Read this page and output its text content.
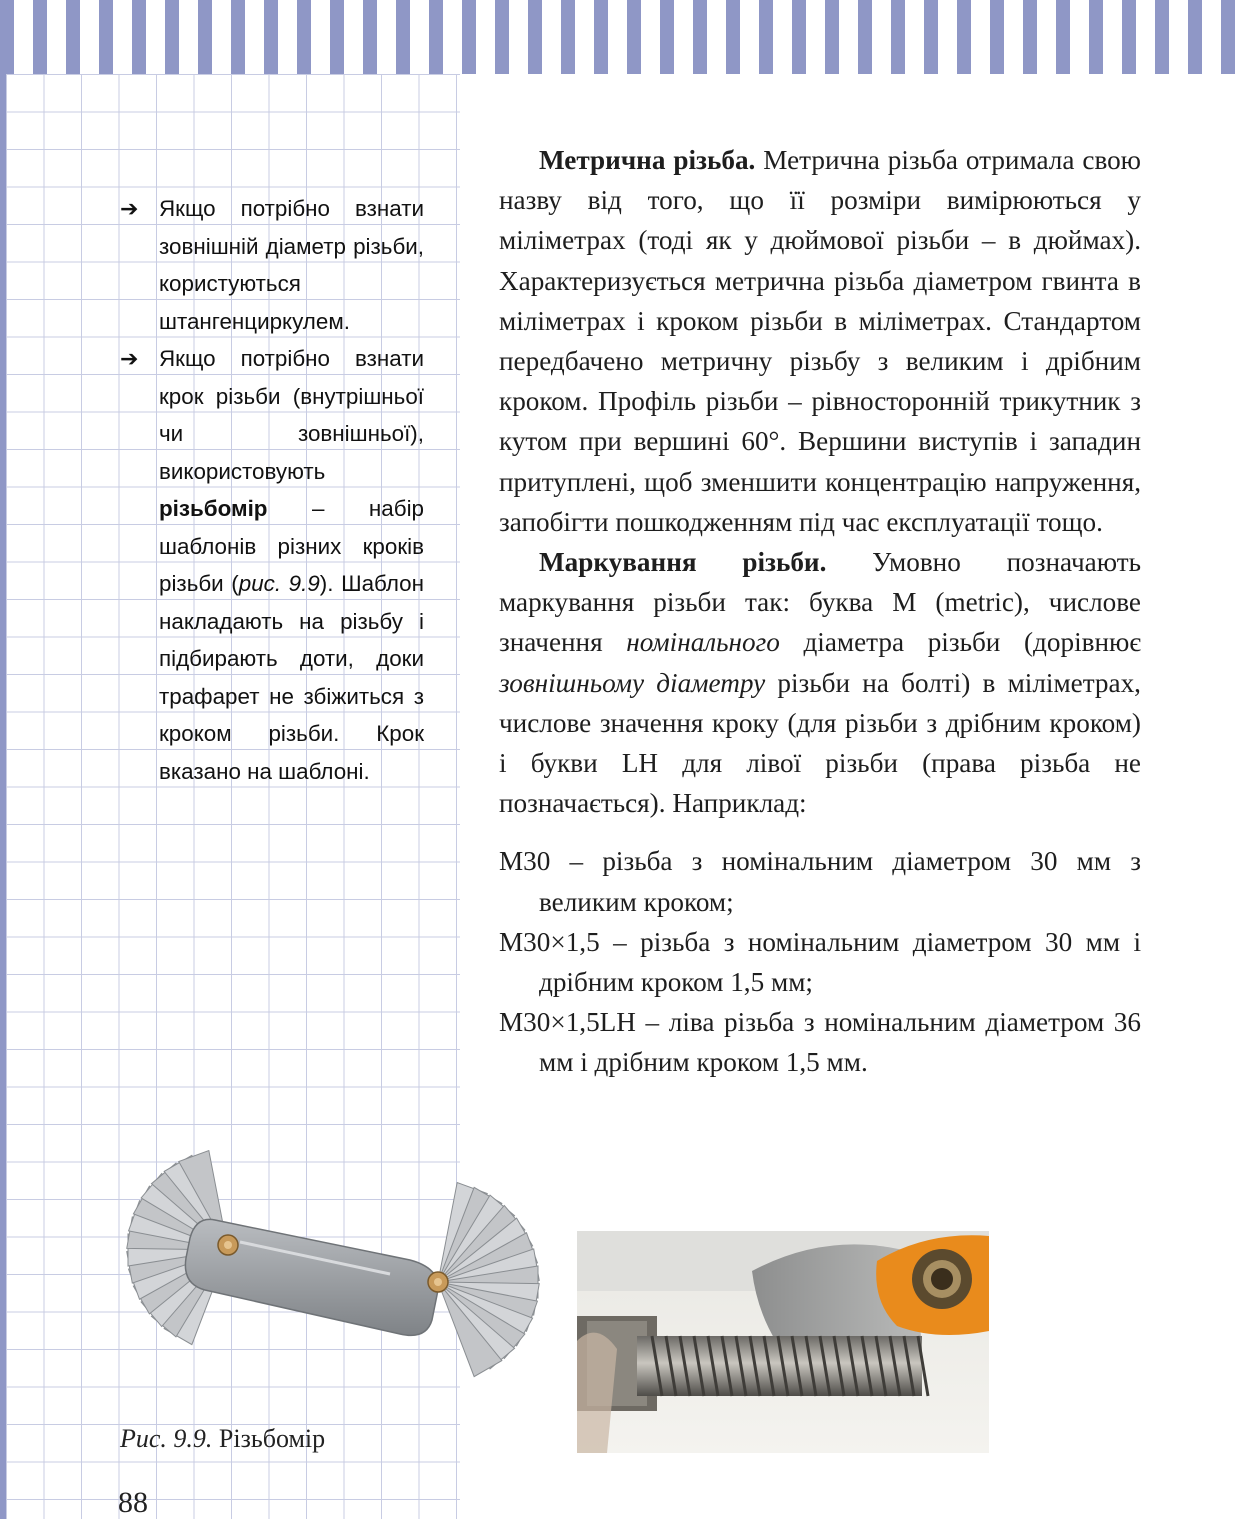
➔ Якщо потрібно взнати зовнішній діаметр різьби, користуються штангенциркулем.
➔ Якщо потрібно взнати крок різьби (внутрішньої чи зовнішньої), використовують різьбомір – набір шаблонів різних кроків різьби (рис. 9.9). Шаблон накладають на різьбу і підбирають доти, доки трафарет не збіжиться з кроком різьби. Крок вказано на шаблоні.

Метрична різьба. Метрична різьба отримала свою назву від того, що її розміри вимірюються у міліметрах (тоді як у дюймової різьби – в дюймах). Характеризується метрична різьба діаметром гвинта в міліметрах і кроком різьби в міліметрах. Стандартом передбачено метричну різьбу з великим і дрібним кроком. Профіль різьби – рівносторонній трикутник з кутом при вершині 60°. Вершини виступів і западин притуплені, щоб зменшити концентрацію напруження, запобігти пошкодженням під час експлуатації тощо.

Маркування різьби. Умовно позначають маркування різьби так: буква М (metric), числове значення номінального діаметра різьби (дорівнює зовнішньому діаметру різьби на болті) в міліметрах, числове значення кроку (для різьби з дрібним кроком) і букви LH для лівої різьби (права різьба не позначається). Наприклад:

М30 – різьба з номінальним діаметром 30 мм з великим кроком;
М30×1,5 – різьба з номінальним діаметром 30 мм і дрібним кроком 1,5 мм;
М30×1,5LH – ліва різьба з номінальним діаметром 36 мм і дрібним кроком 1,5 мм.
Рис. 9.9. Різьбомір
88
